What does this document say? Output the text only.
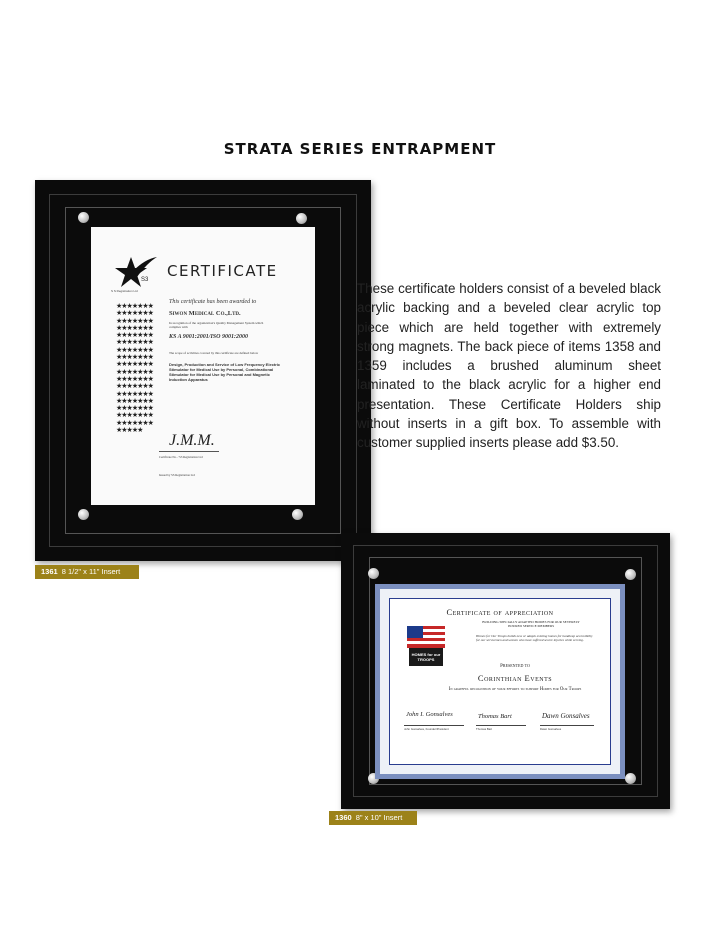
STRATA SERIES ENTRAPMENT
S3
S S Registration Ltd
CERTIFICATE
★★★★★★★★★★★★★★★★★★★★★★★★★★★★★★★★★★★★★★★★★★★★★★★★★★★★★★★★★★★★★★★★★★★★★★★★★★★★★★★★★★★★★★★★★★★★★★★★★★★★★★★★★★★★★★★★★★★★★★★★★★★★
This certificate has been awarded to
Siwon Medical Co.,Ltd.
In recognition of the organization's Quality Management System which complies with
KS A 9001:2001/ISO 9001:2000
The scope of activities covered by this certificate are defined below
Design, Production and Service of Low Frequency Electric Stimulator for Medical Use by Personal, Combinational Stimulator for Medical Use by Personal and Magnetic Induction Apparatus
J.M.M.
Certificate No. / S3 Registration Ltd
Issued by SS Registration Ltd
1361 8 1/2" x 11" Insert
These certificate holders consist of a beveled black acrylic backing and a beveled clear acrylic top piece which are held together with extremely strong magnets. The back piece of items 1358 and 1359 includes a brushed aluminum sheet laminated to the black acrylic for a higher end presentation. These Certificate Holders ship without inserts in a gift box. To assemble with customer supplied inserts please add $3.50.
Certificate of appreciation
BUILDING SPECIALLY ADAPTED HOMES FOR OUR SEVERELY INJURED SERVICE MEMBERS
HOMES for our TROOPS
Homes for Our Troops builds new or adapts existing homes for handicap accessibility for our servicemen and women who have suffered severe injuries while serving.
Presented to
Corinthian Events
In grateful recognition of your efforts to support Homes for Our Troops
John I. Gonsalves	Thomas Bart	Dawn Gonsalves
John Gonsalves, Founder/President	Thomas Bart	Dawn Gonsalves
1360 8" x 10" Insert
